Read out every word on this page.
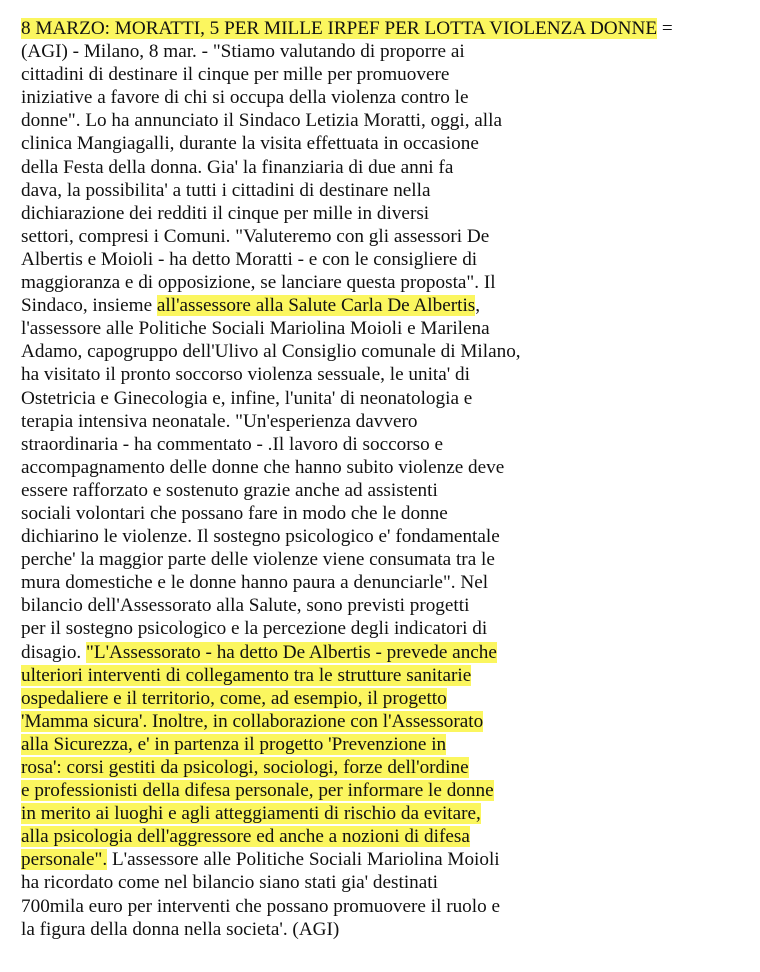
8 MARZO: MORATTI, 5 PER MILLE IRPEF PER LOTTA VIOLENZA DONNE =
(AGI) - Milano, 8 mar. - "Stiamo valutando di proporre ai
cittadini di destinare il cinque per mille per promuovere
iniziative a favore di chi si occupa della violenza contro le
donne". Lo ha annunciato il Sindaco Letizia Moratti, oggi, alla
clinica Mangiagalli, durante la visita effettuata in occasione
della Festa della donna. Gia' la finanziaria di due anni fa
dava, la possibilita' a tutti i cittadini di destinare nella
dichiarazione dei redditi il cinque per mille in diversi
settori, compresi i Comuni. "Valuteremo con gli assessori De
Albertis e Moioli - ha detto Moratti - e con le consigliere di
maggioranza e di opposizione, se lanciare questa proposta". Il
Sindaco, insieme all'assessore alla Salute Carla De Albertis,
l'assessore alle Politiche Sociali Mariolina Moioli e Marilena
Adamo, capogruppo dell'Ulivo al Consiglio comunale di Milano,
ha visitato il pronto soccorso violenza sessuale, le unita' di
Ostetricia e Ginecologia e, infine, l'unita' di neonatologia e
terapia intensiva neonatale. "Un'esperienza davvero
straordinaria - ha commentato - .Il lavoro di soccorso e
accompagnamento delle donne che hanno subito violenze deve
essere rafforzato e sostenuto grazie anche ad assistenti
sociali volontari che possano fare in modo che le donne
dichiarino le violenze. Il sostegno psicologico e' fondamentale
perche' la maggior parte delle violenze viene consumata tra le
mura domestiche e le donne hanno paura a denunciarle". Nel
bilancio dell'Assessorato alla Salute, sono previsti progetti
per il sostegno psicologico e la percezione degli indicatori di
disagio. "L'Assessorato - ha detto De Albertis - prevede anche
ulteriori interventi di collegamento tra le strutture sanitarie
ospedaliere e il territorio, come, ad esempio, il progetto
'Mamma sicura'. Inoltre, in collaborazione con l'Assessorato
alla Sicurezza, e' in partenza il progetto 'Prevenzione in
rosa': corsi gestiti da psicologi, sociologi, forze dell'ordine
e professionisti della difesa personale, per informare le donne
in merito ai luoghi e agli atteggiamenti di rischio da evitare,
alla psicologia dell'aggressore ed anche a nozioni di difesa
personale". L'assessore alle Politiche Sociali Mariolina Moioli
ha ricordato come nel bilancio siano stati gia' destinati
700mila euro per interventi che possano promuovere il ruolo e
la figura della donna nella societa'. (AGI)
